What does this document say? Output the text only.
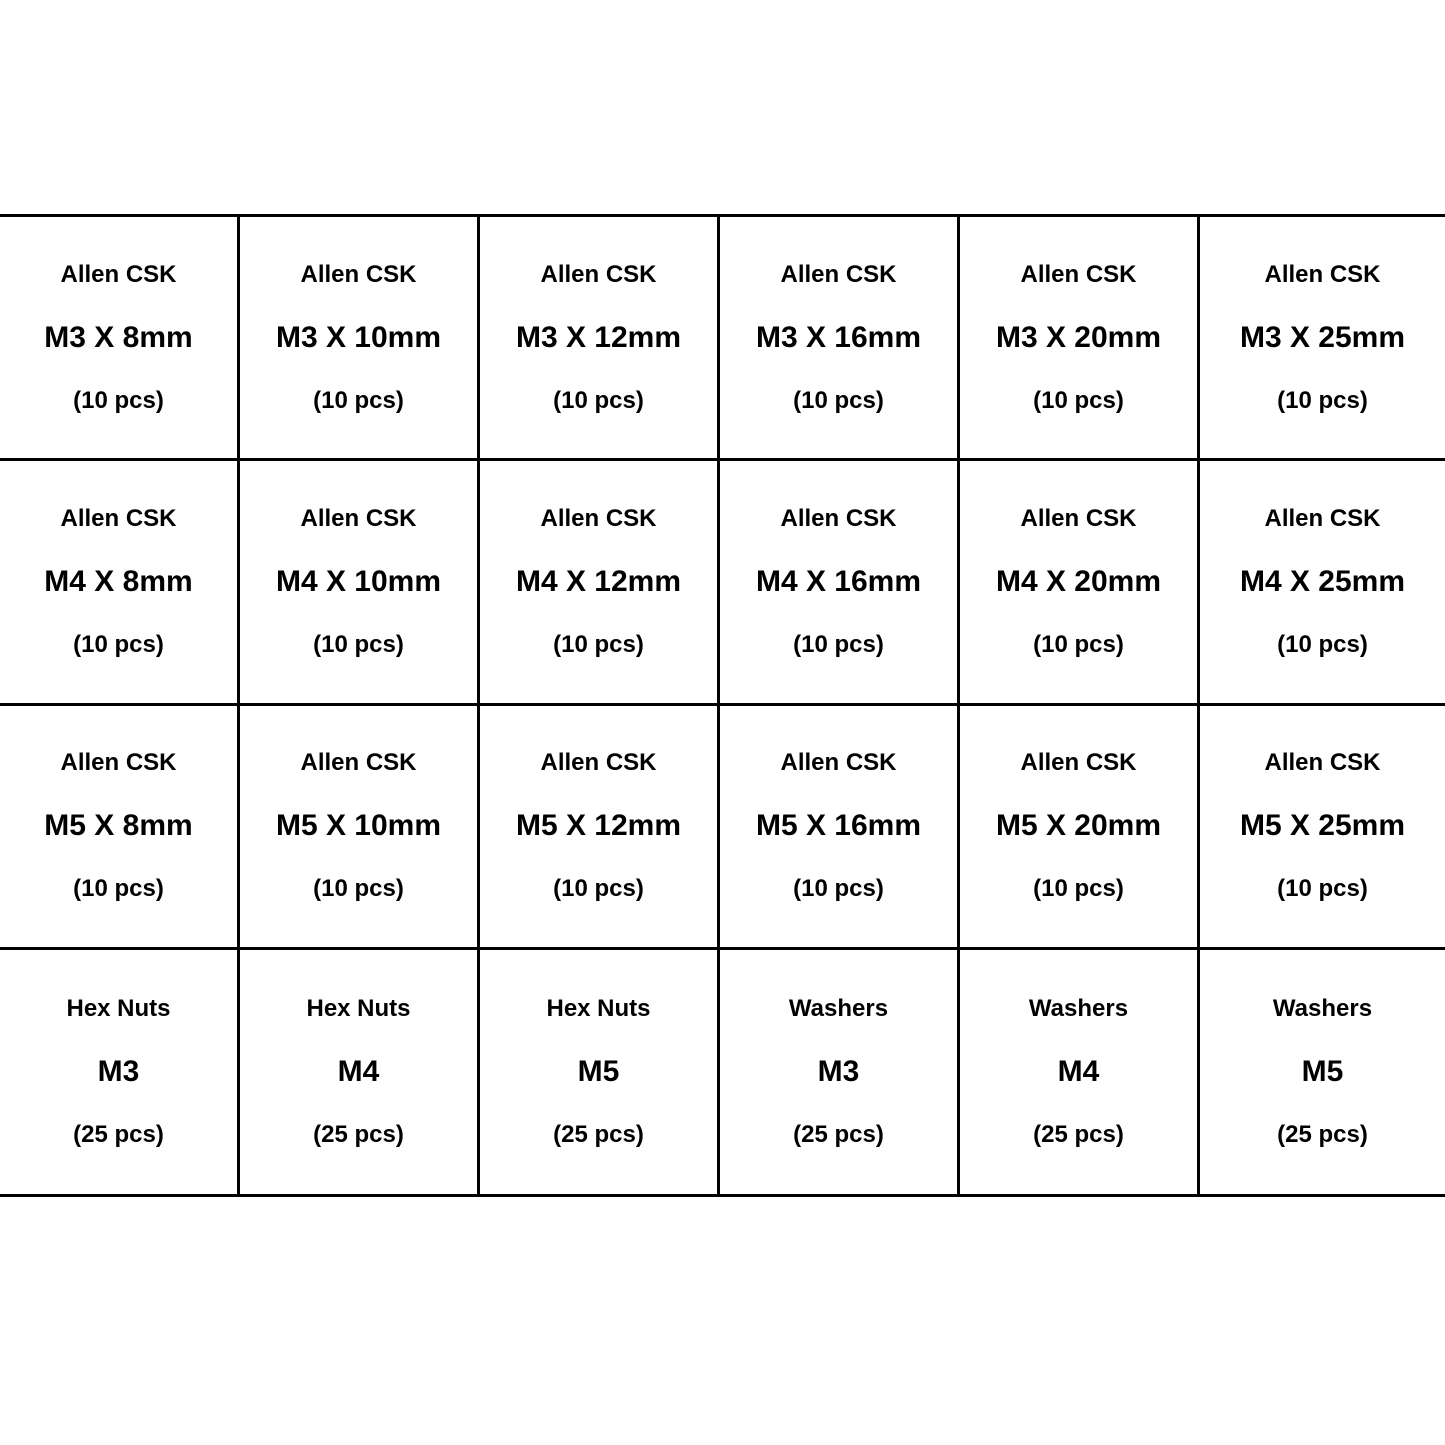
Allen CSK
M3 X 8mm
(10 pcs)
Allen CSK
M3 X 10mm
(10 pcs)
Allen CSK
M3 X 12mm
(10 pcs)
Allen CSK
M3 X 16mm
(10 pcs)
Allen CSK
M3 X 20mm
(10 pcs)
Allen CSK
M3 X 25mm
(10 pcs)
Allen CSK
M4 X 8mm
(10 pcs)
Allen CSK
M4 X 10mm
(10 pcs)
Allen CSK
M4 X 12mm
(10 pcs)
Allen CSK
M4 X 16mm
(10 pcs)
Allen CSK
M4 X 20mm
(10 pcs)
Allen CSK
M4 X 25mm
(10 pcs)
Allen CSK
M5 X 8mm
(10 pcs)
Allen CSK
M5 X 10mm
(10 pcs)
Allen CSK
M5 X 12mm
(10 pcs)
Allen CSK
M5 X 16mm
(10 pcs)
Allen CSK
M5 X 20mm
(10 pcs)
Allen CSK
M5 X 25mm
(10 pcs)
Hex Nuts
M3
(25 pcs)
Hex Nuts
M4
(25 pcs)
Hex Nuts
M5
(25 pcs)
Washers
M3
(25 pcs)
Washers
M4
(25 pcs)
Washers
M5
(25 pcs)
